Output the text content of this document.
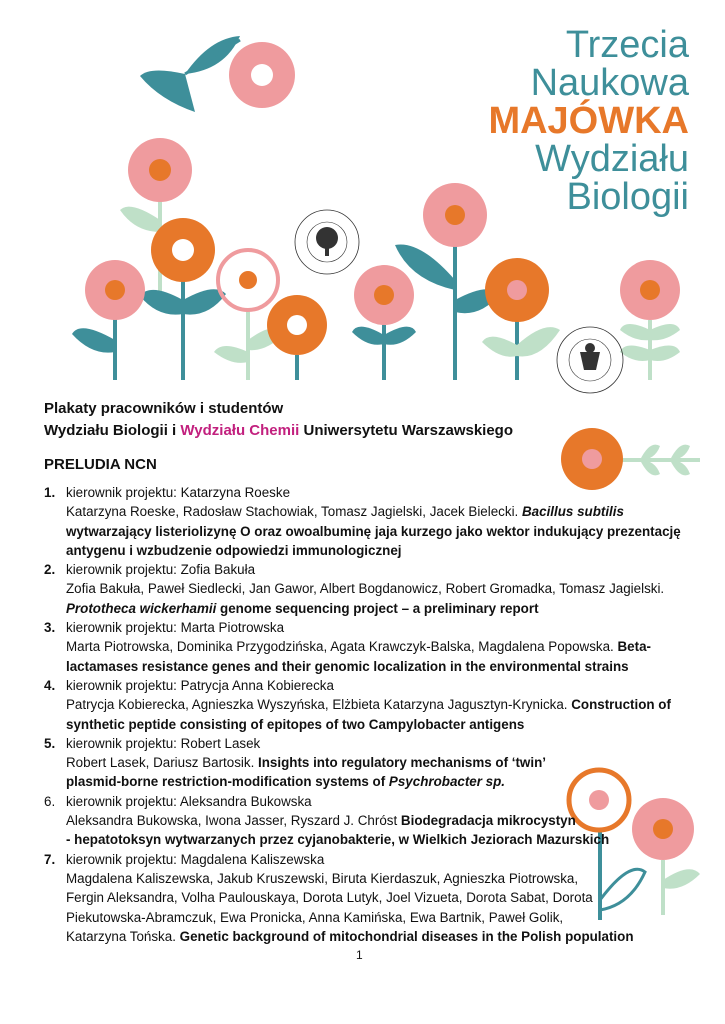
Trzecia
Naukowa
MAJÓWKA
Wydziału
Biologii
Plakaty pracowników i studentów
Wydziału Biologii i Wydziału Chemii Uniwersytetu Warszawskiego
PRELUDIA NCN
1. kierownik projektu: Katarzyna Roeske
Katarzyna Roeske, Radosław Stachowiak, Tomasz Jagielski, Jacek Bielecki. Bacillus subtilis
wytwarzający listeriolizynę O oraz owoalbuminę jaja kurzego jako wektor indukujący prezentację
antygenu i wzbudzenie odpowiedzi immunologicznej
2. kierownik projektu: Zofia Bakuła
Zofia Bakuła, Paweł Siedlecki, Jan Gawor, Albert Bogdanowicz, Robert Gromadka, Tomasz Jagielski.
Prototheca wickerhamii genome sequencing project – a preliminary report
3. kierownik projektu: Marta Piotrowska
Marta Piotrowska, Dominika Przygodzińska, Agata Krawczyk-Balska, Magdalena Popowska. Beta-
lactamases resistance genes and their genomic localization in the environmental strains
4. kierownik projektu: Patrycja Anna Kobierecka
Patrycja Kobierecka, Agnieszka Wyszyńska, Elżbieta Katarzyna Jagusztyn-Krynicka. Construction of
synthetic peptide consisting of epitopes of two Campylobacter antigens
5. kierownik projektu: Robert Lasek
Robert Lasek, Dariusz Bartosik. Insights into regulatory mechanisms of ‘twin’
plasmid-borne restriction-modification systems of Psychrobacter sp.
6. kierownik projektu: Aleksandra Bukowska
Aleksandra Bukowska, Iwona Jasser, Ryszard J. Chróst Biodegradacja mikrocystyn
- hepatotoksyn wytwarzanych przez cyjanobakterie, w Wielkich Jeziorach Mazurskich
7. kierownik projektu: Magdalena Kaliszewska
Magdalena Kaliszewska, Jakub Kruszewski, Biruta Kierdaszuk, Agnieszka Piotrowska,
Fergin Aleksandra, Volha Paulouskaya, Dorota Lutyk, Joel Vizueta, Dorota Sabat, Dorota
Piekutowska-Abramczuk, Ewa Pronicka, Anna Kamińska, Ewa Bartnik, Paweł Golik,
Katarzyna Tońska. Genetic background of mitochondrial diseases in the Polish population
1
